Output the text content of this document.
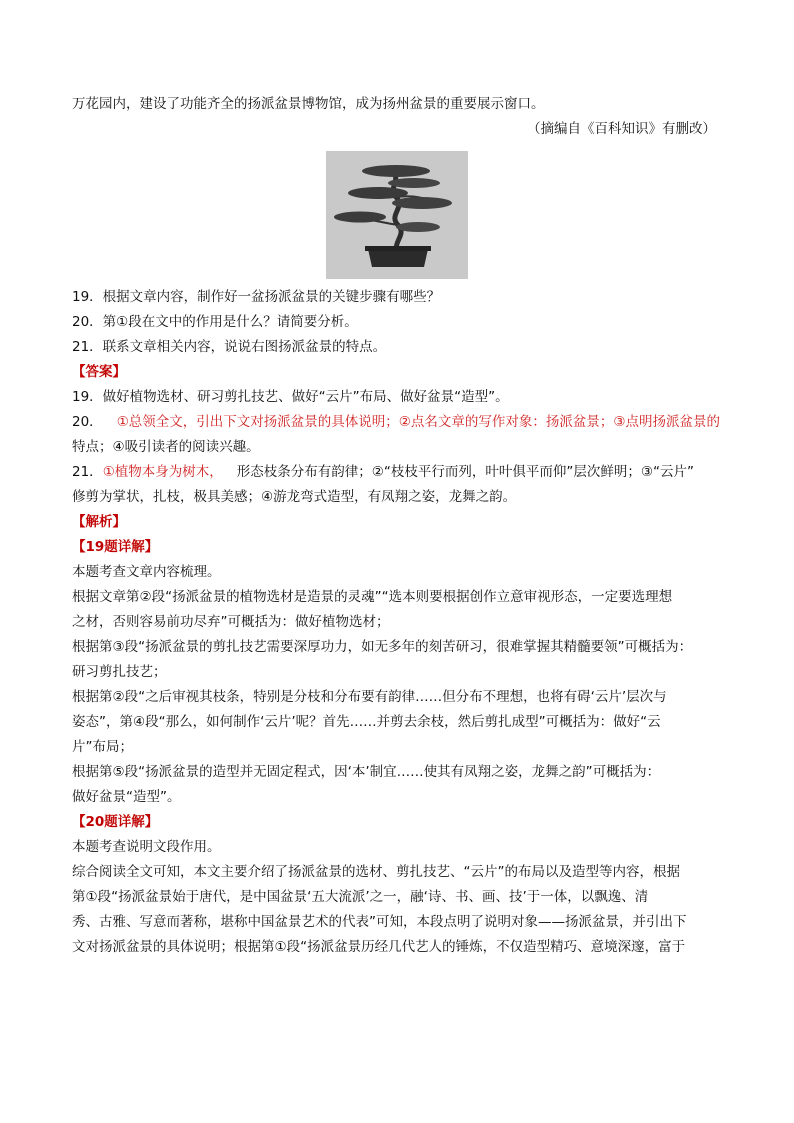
万花园内，建设了功能齐全的扬派盆景博物馆，成为扬州盆景的重要展示窗口。
（摘编自《百科知识》有删改）
19．根据文章内容，制作好一盆扬派盆景的关键步骤有哪些？
20．第①段在文中的作用是什么？请简要分析。
21．联系文章相关内容，说说右图扬派盆景的特点。
【答案】
19．做好植物选材、研习剪扎技艺、做好“云片”布局、做好盆景“造型”。
20． ①总领全文，引出下文对扬派盆景的具体说明；②点名文章的写作对象：扬派盆景；③点明扬派盆景的
特点；④吸引读者的阅读兴趣。
21．①植物本身为树木， 形态枝条分布有韵律；②“枝枝平行而列，叶叶俱平而仰”层次鲜明；③“云片”
修剪为掌状，扎枝，极具美感；④游龙弯式造型，有凤翔之姿，龙舞之韵。
【解析】
【19题详解】
本题考查文章内容梳理。
根据文章第②段“扬派盆景的植物选材是造景的灵魂”“选本则要根据创作立意审视形态，一定要选理想
之材，否则容易前功尽弃”可概括为：做好植物选材；
根据第③段“扬派盆景的剪扎技艺需要深厚功力，如无多年的刻苦研习，很难掌握其精髓要领”可概括为：
研习剪扎技艺；
根据第②段“之后审视其枝条，特别是分枝和分布要有韵律……但分布不理想，也将有碍‘云片’层次与
姿态”，第④段“那么，如何制作‘云片’呢？首先……并剪去余枝，然后剪扎成型”可概括为：做好“云
片”布局；
根据第⑤段“扬派盆景的造型并无固定程式，因‘本’制宜……使其有凤翔之姿，龙舞之韵”可概括为：
做好盆景“造型”。
【20题详解】
本题考查说明文段作用。
综合阅读全文可知，本文主要介绍了扬派盆景的选材、剪扎技艺、“云片”的布局以及造型等内容，根据
第①段“扬派盆景始于唐代，是中国盆景‘五大流派’之一，融‘诗、书、画、技’于一体，以飘逸、清
秀、古雅、写意而著称，堪称中国盆景艺术的代表”可知，本段点明了说明对象——扬派盆景，并引出下
文对扬派盆景的具体说明；根据第①段“扬派盆景历经几代艺人的锤炼，不仅造型精巧、意境深邃，富于
